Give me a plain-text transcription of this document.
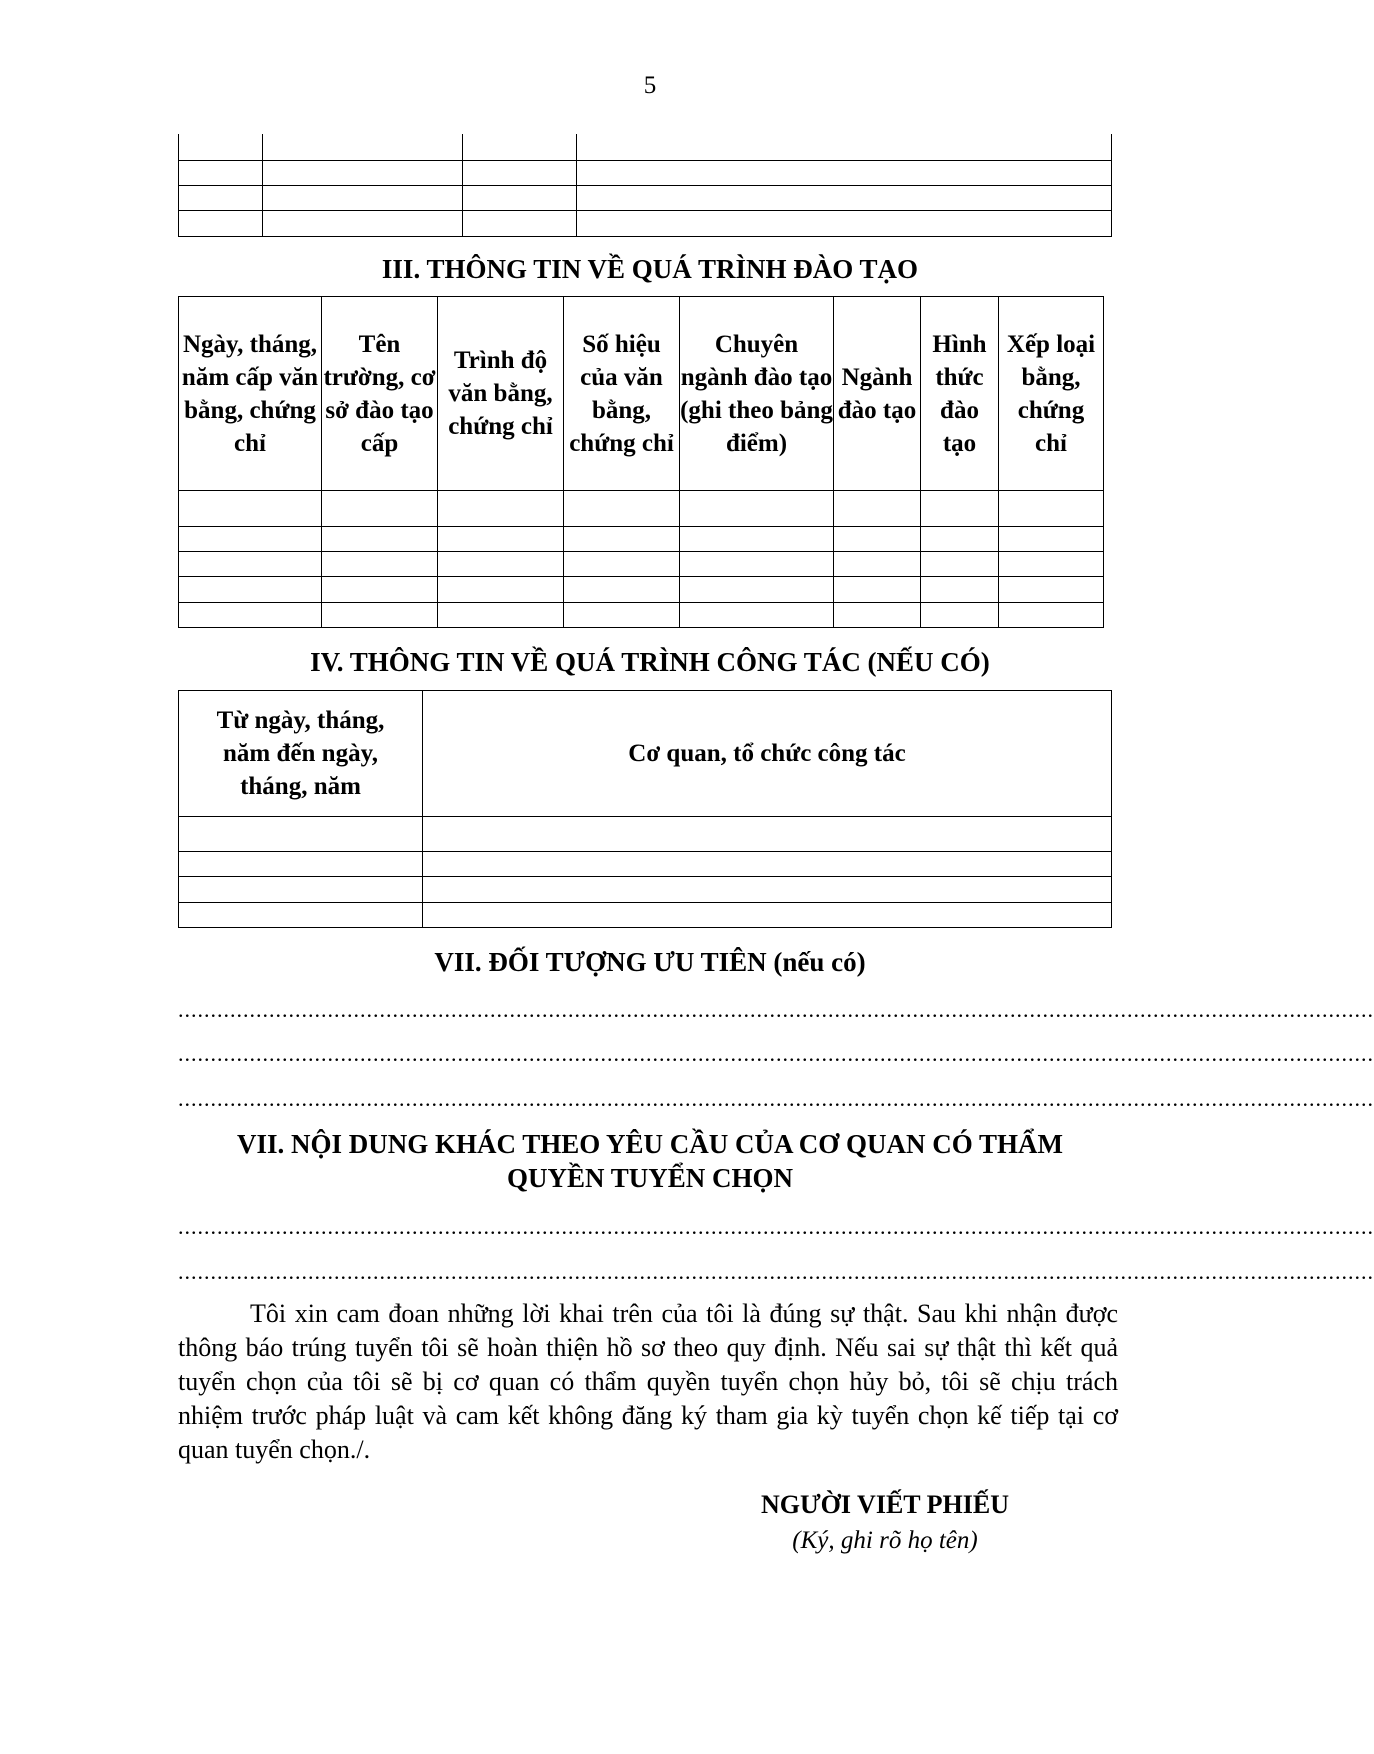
5

III. THÔNG TIN VỀ QUÁ TRÌNH ĐÀO TẠO
Ngày, tháng, năm cấp văn bằng, chứng chỉ	Tên trường, cơ sở đào tạo cấp	Trình độ văn bằng, chứng chỉ	Số hiệu của văn bằng, chứng chỉ	Chuyên ngành đào tạo (ghi theo bảng điểm)	Ngành đào tạo	Hình thức đào tạo	Xếp loại bằng, chứng chỉ

IV. THÔNG TIN VỀ QUÁ TRÌNH CÔNG TÁC (NẾU CÓ)
Từ ngày, tháng, năm đến ngày, tháng, năm	Cơ quan, tổ chức công tác

VII. ĐỐI TƯỢNG ƯU TIÊN (nếu có)
........................................................................................................................................................................................
........................................................................................................................................................................................
........................................................................................................................................................................................
VII. NỘI DUNG KHÁC THEO YÊU CẦU CỦA CƠ QUAN CÓ THẨM
QUYỀN TUYỂN CHỌN
........................................................................................................................................................................................
........................................................................................................................................................................................
Tôi xin cam đoan những lời khai trên của tôi là đúng sự thật. Sau khi nhận được thông báo trúng tuyển tôi sẽ hoàn thiện hồ sơ theo quy định. Nếu sai sự thật thì kết quả tuyển chọn của tôi sẽ bị cơ quan có thẩm quyền tuyển chọn hủy bỏ, tôi sẽ chịu trách nhiệm trước pháp luật và cam kết không đăng ký tham gia kỳ tuyển chọn kế tiếp tại cơ quan tuyển chọn./.
NGƯỜI VIẾT PHIẾU
(Ký, ghi rõ họ tên)
